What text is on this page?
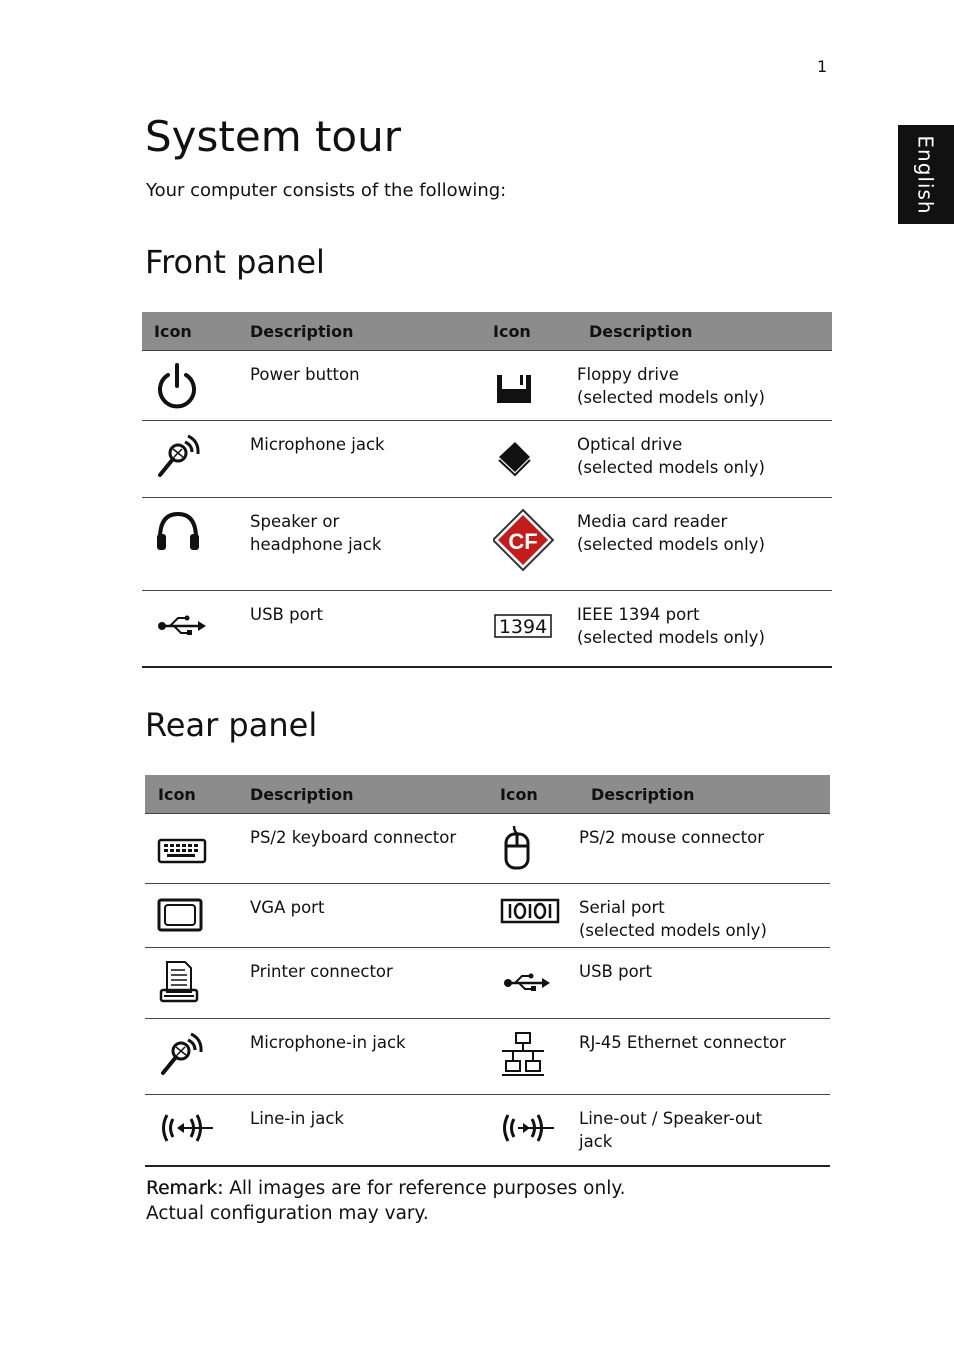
1
English
System tour

Your computer consists of the following:

Front panel
Icon	Description	Icon	Description

	Power button		Floppy drive
(selected models only)

	Microphone jack		Optical drive
(selected models only)

	Speaker or
headphone jack	CF	Media card reader
(selected models only)

	USB port	1394	IEEE 1394 port
(selected models only)
Rear panel
Icon	Description	Icon	Description

	PS/2 keyboard connector		PS/2 mouse connector

	VGA port		Serial port
(selected models only)

	Printer connector		USB port

	Microphone-in jack		RJ-45 Ethernet connector

	Line-in jack		Line-out / Speaker-out
jack

Remark: All images are for reference purposes only.
Actual configuration may vary.
